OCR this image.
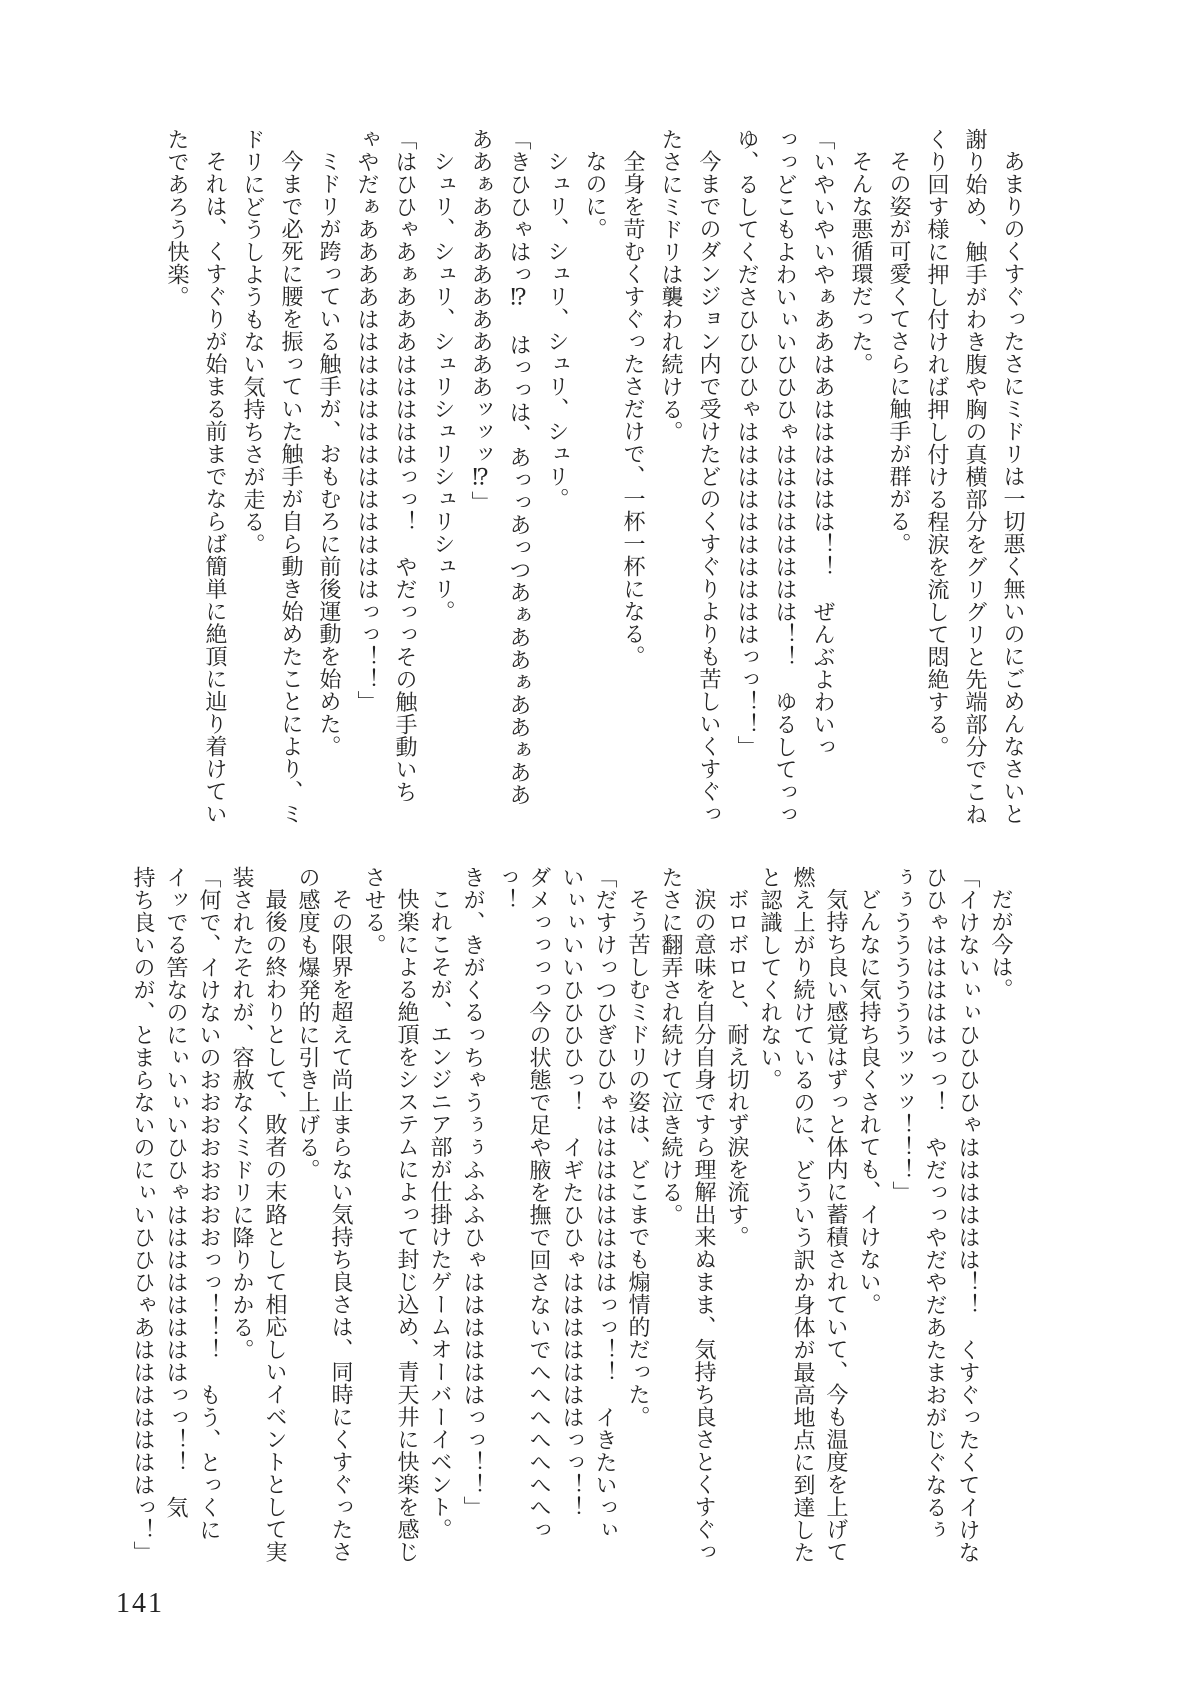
あまりのくすぐったさにミドリは一切悪く無いのにごめんなさいと
謝り始め、触手がわき腹や胸の真横部分をグリグリと先端部分でこね
くり回す様に押し付ければ押し付ける程涙を流して悶絶する。
その姿が可愛くてさらに触手が群がる。
そんな悪循環だった。
「いやいやいやぁああはあはははははは！！　ぜんぶよわいっ
っっどこもよわいぃいひひひゃはははははははは！！　ゆるしてっっ
ゆ、るしてくださひひひひゃははははははははははっっ！！」
今までのダンジョン内で受けたどのくすぐりよりも苦しいくすぐっ
たさにミドリは襲われ続ける。
全身を苛むくすぐったさだけで、一杯一杯になる。
なのに。
シュリ、シュリ、シュリ、シュリ。
「きひひゃはっ⁉　はっっは、あっっあっつあぁああぁああぁああ
ああぁあああああああああッッッ⁉」
シュリ、シュリ、シュリシュリシュリシュリ。
「はひひゃあぁあああはははははっっ！　やだっっその触手動いち
ゃやだぁああああはははははははははははははっっ！！」
ミドリが跨っている触手が、おもむろに前後運動を始めた。
今まで必死に腰を振っていた触手が自ら動き始めたことにより、ミ
ドリにどうしようもない気持ちさが走る。
それは、くすぐりが始まる前までならば簡単に絶頂に辿り着けてい
たであろう快楽。
だが今は。
「イけないぃぃひひひひゃはははははは！！　くすぐったくてイけな
ひひゃはははははっっ！　やだっっやだやだあたまおがじぐなるぅ
ぅぅううううううッッッ！！！」
どんなに気持ち良くされても、イけない。
気持ち良い感覚はずっと体内に蓄積されていて、今も温度を上げて
燃え上がり続けているのに、どういう訳か身体が最高地点に到達した
と認識してくれない。
ボロボロと、耐え切れず涙を流す。
涙の意味を自分自身ですら理解出来ぬまま、気持ち良さとくすぐっ
たさに翻弄され続けて泣き続ける。
そう苦しむミドリの姿は、どこまでも煽情的だった。
「だすけっつひぎひひゃははははははははっっ！！　イきたいっぃ
いぃぃいいひひひひっ！　イギたひひゃはははははははっっ！！
ダメっっっっ今の状態で足や腋を撫で回さないでへへへへへへへっっ！
きが、きがくるっちゃうぅぅふふふひゃははははははっっ！！」
これこそが、エンジニア部が仕掛けたゲームオーバーイベント。
快楽による絶頂をシステムによって封じ込め、青天井に快楽を感じ
させる。
その限界を超えて尚止まらない気持ち良さは、同時にくすぐったさ
の感度も爆発的に引き上げる。
最後の終わりとして、敗者の末路として相応しいイベントとして実
装されたそれが、容赦なくミドリに降りかかる。
「何で、イけないのおおおおおおおおっっ！！！　もう、とっくに
イッでる筈なのにぃいぃいひひゃははははははははっっ！！　気
持ち良いのが、とまらないのにぃいひひひゃあはははははははっ！」
141
